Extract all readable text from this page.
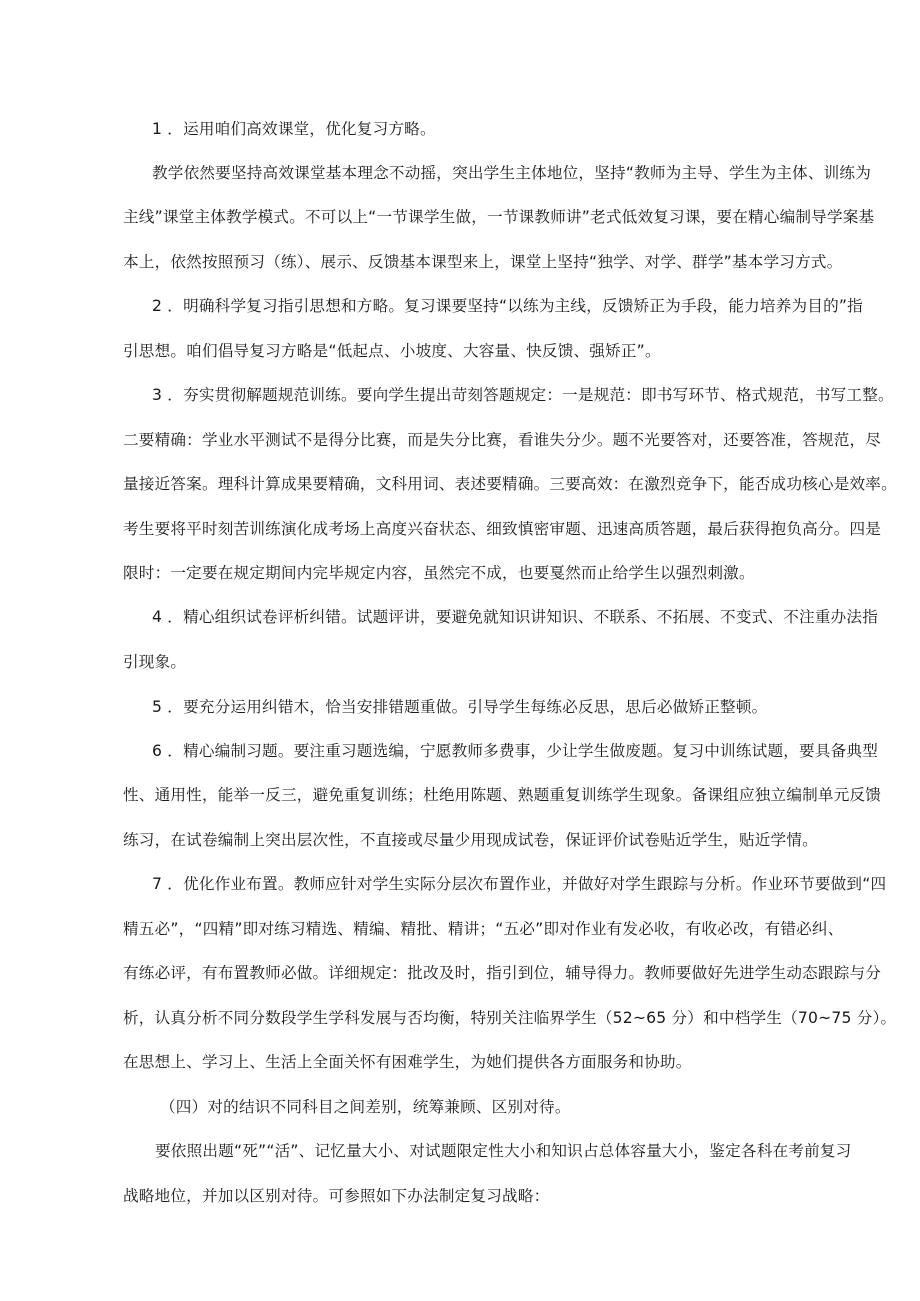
1 ．运用咱们高效课堂，优化复习方略。

教学依然要坚持高效课堂基本理念不动摇，突出学生主体地位，坚持“教师为主导、学生为主体、训练为

主线”课堂主体教学模式。不可以上“一节课学生做，一节课教师讲”老式低效复习课，要在精心编制导学案基

本上，依然按照预习（练）、展示、反馈基本课型来上，课堂上坚持“独学、对学、群学”基本学习方式。

2 ．明确科学复习指引思想和方略。复习课要坚持“以练为主线，反馈矫正为手段，能力培养为目的”指

引思想。咱们倡导复习方略是“低起点、小坡度、大容量、快反馈、强矫正”。

3 ．夯实贯彻解题规范训练。要向学生提出苛刻答题规定：一是规范：即书写环节、格式规范，书写工整。

二要精确：学业水平测试不是得分比赛，而是失分比赛，看谁失分少。题不光要答对，还要答准，答规范，尽

量接近答案。理科计算成果要精确，文科用词、表述要精确。三要高效：在激烈竞争下，能否成功核心是效率。

考生要将平时刻苦训练演化成考场上高度兴奋状态、细致慎密审题、迅速高质答题，最后获得抱负高分。四是

限时：一定要在规定期间内完毕规定内容，虽然完不成，也要戛然而止给学生以强烈刺激。

4 ．精心组织试卷评析纠错。试题评讲，要避免就知识讲知识、不联系、不拓展、不变式、不注重办法指

引现象。

5 ．要充分运用纠错木，恰当安排错题重做。引导学生每练必反思，思后必做矫正整顿。

6 ．精心编制习题。要注重习题选编，宁愿教师多费事，少让学生做废题。复习中训练试题，要具备典型

性、通用性，能举一反三，避免重复训练；杜绝用陈题、熟题重复训练学生现象。备课组应独立编制单元反馈

练习，在试卷编制上突出层次性，不直接或尽量少用现成试卷，保证评价试卷贴近学生，贴近学情。

7 ．优化作业布置。教师应针对学生实际分层次布置作业，并做好对学生跟踪与分析。作业环节要做到“四

精五必”，“四精”即对练习精选、精编、精批、精讲；“五必”即对作业有发必收，有收必改，有错必纠、

有练必评，有布置教师必做。详细规定：批改及时，指引到位，辅导得力。教师要做好先进学生动态跟踪与分

析，认真分析不同分数段学生学科发展与否均衡，特别关注临界学生（52~65 分）和中档学生（70~75 分）。

在思想上、学习上、生活上全面关怀有困难学生，为她们提供各方面服务和协助。

（四）对的结识不同科目之间差别，统筹兼顾、区别对待。

要依照出题“死”“活”、记忆量大小、对试题限定性大小和知识占总体容量大小，鉴定各科在考前复习

战略地位，并加以区别对待。可参照如下办法制定复习战略：
